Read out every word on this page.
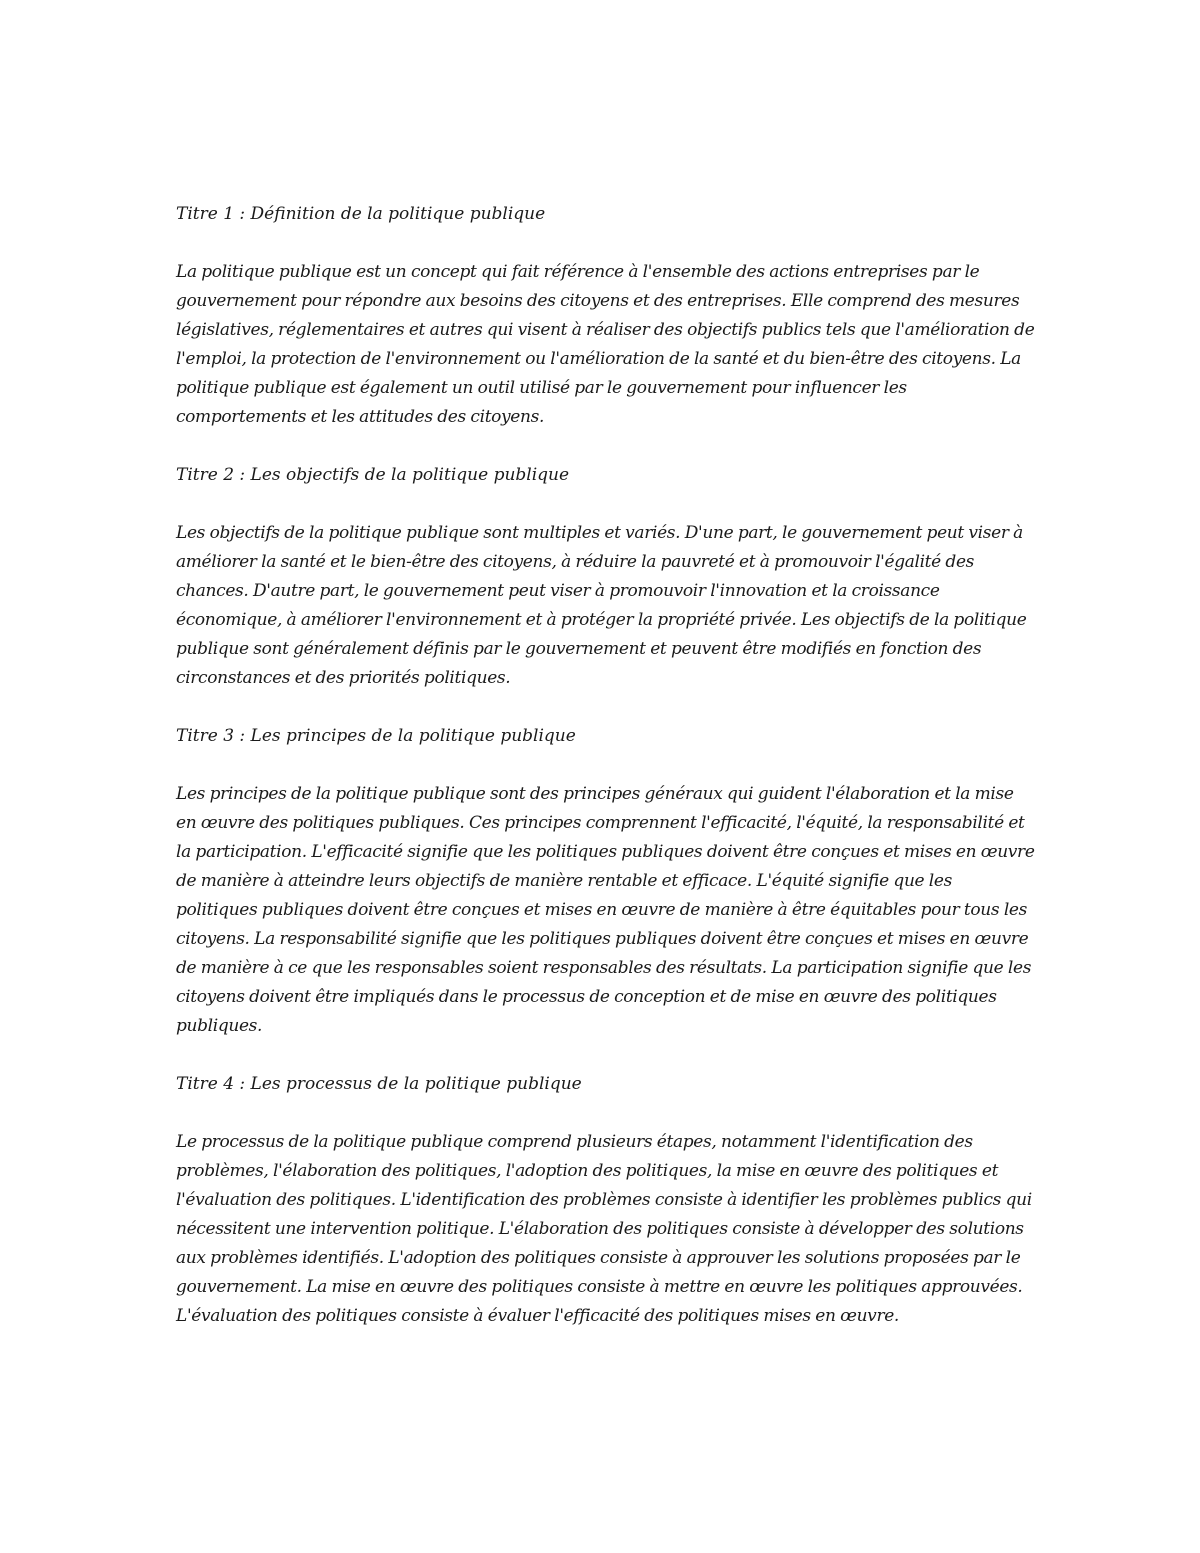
Titre 1 : Définition de la politique publique

La politique publique est un concept qui fait référence à l'ensemble des actions entreprises par le gouvernement pour répondre aux besoins des citoyens et des entreprises. Elle comprend des mesures législatives, réglementaires et autres qui visent à réaliser des objectifs publics tels que l'amélioration de l'emploi, la protection de l'environnement ou l'amélioration de la santé et du bien-être des citoyens. La politique publique est également un outil utilisé par le gouvernement pour influencer les comportements et les attitudes des citoyens.

Titre 2 : Les objectifs de la politique publique

Les objectifs de la politique publique sont multiples et variés. D'une part, le gouvernement peut viser à améliorer la santé et le bien-être des citoyens, à réduire la pauvreté et à promouvoir l'égalité des chances. D'autre part, le gouvernement peut viser à promouvoir l'innovation et la croissance économique, à améliorer l'environnement et à protéger la propriété privée. Les objectifs de la politique publique sont généralement définis par le gouvernement et peuvent être modifiés en fonction des circonstances et des priorités politiques.

Titre 3 : Les principes de la politique publique

Les principes de la politique publique sont des principes généraux qui guident l'élaboration et la mise en œuvre des politiques publiques. Ces principes comprennent l'efficacité, l'équité, la responsabilité et la participation. L'efficacité signifie que les politiques publiques doivent être conçues et mises en œuvre de manière à atteindre leurs objectifs de manière rentable et efficace. L'équité signifie que les politiques publiques doivent être conçues et mises en œuvre de manière à être équitables pour tous les citoyens. La responsabilité signifie que les politiques publiques doivent être conçues et mises en œuvre de manière à ce que les responsables soient responsables des résultats. La participation signifie que les citoyens doivent être impliqués dans le processus de conception et de mise en œuvre des politiques publiques.

Titre 4 : Les processus de la politique publique

Le processus de la politique publique comprend plusieurs étapes, notamment l'identification des problèmes, l'élaboration des politiques, l'adoption des politiques, la mise en œuvre des politiques et l'évaluation des politiques. L'identification des problèmes consiste à identifier les problèmes publics qui nécessitent une intervention politique. L'élaboration des politiques consiste à développer des solutions aux problèmes identifiés. L'adoption des politiques consiste à approuver les solutions proposées par le gouvernement. La mise en œuvre des politiques consiste à mettre en œuvre les politiques approuvées. L'évaluation des politiques consiste à évaluer l'efficacité des politiques mises en œuvre.
